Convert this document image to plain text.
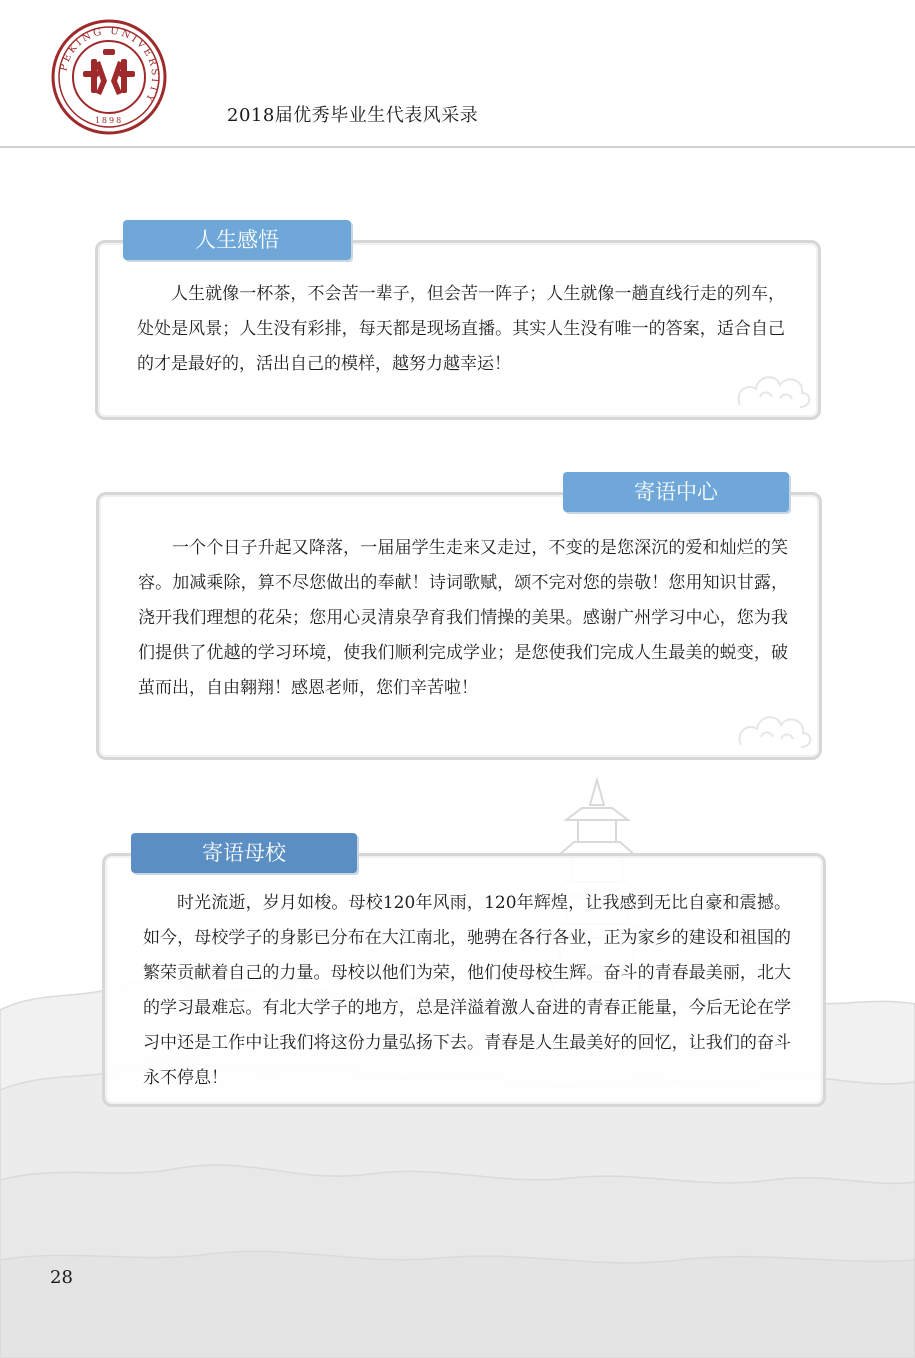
PEKING UNIVERSITY
1898	2018届优秀毕业生代表风采录
人生感悟

人生就像一杯茶，不会苦一辈子，但会苦一阵子；人生就像一趟直线行走的列车，处处是风景；人生没有彩排，每天都是现场直播。其实人生没有唯一的答案，适合自己的才是最好的，活出自己的模样，越努力越幸运！

寄语中心

一个个日子升起又降落，一届届学生走来又走过，不变的是您深沉的爱和灿烂的笑容。加减乘除，算不尽您做出的奉献！诗词歌赋，颂不完对您的崇敬！您用知识甘露，浇开我们理想的花朵；您用心灵清泉孕育我们情操的美果。感谢广州学习中心，您为我们提供了优越的学习环境，使我们顺利完成学业；是您使我们完成人生最美的蜕变，破茧而出，自由翱翔！感恩老师，您们辛苦啦！

寄语母校

时光流逝，岁月如梭。母校120年风雨，120年辉煌，让我感到无比自豪和震撼。如今，母校学子的身影已分布在大江南北，驰骋在各行各业，正为家乡的建设和祖国的繁荣贡献着自己的力量。母校以他们为荣，他们使母校生辉。奋斗的青春最美丽，北大的学习最难忘。有北大学子的地方，总是洋溢着激人奋进的青春正能量，今后无论在学习中还是工作中让我们将这份力量弘扬下去。青春是人生最美好的回忆，让我们的奋斗永不停息！

28
